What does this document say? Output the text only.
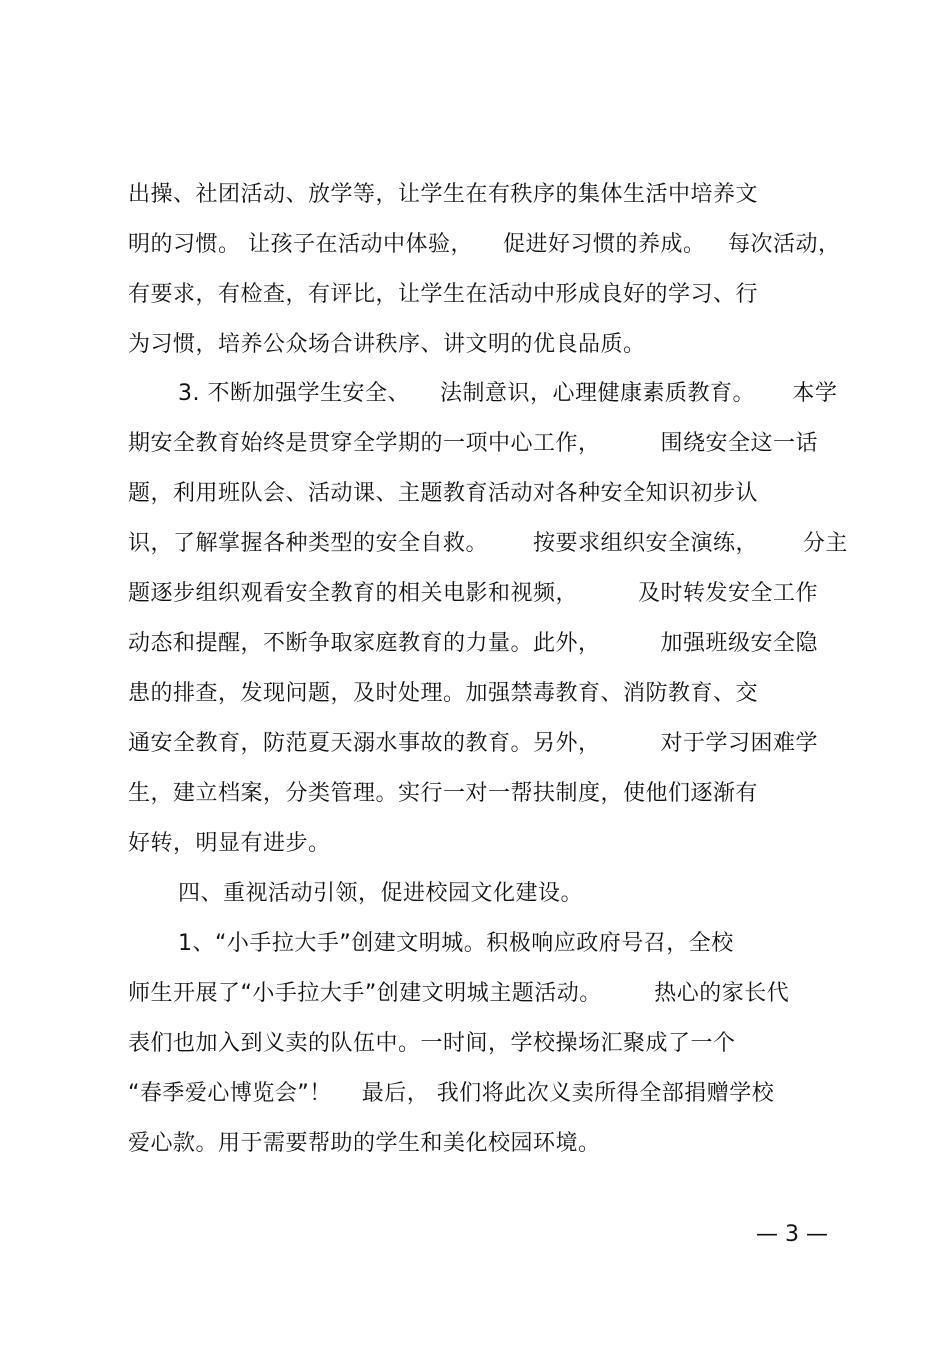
出操、社团活动、放学等，让学生在有秩序的集体生活中培养文
明的习惯。 让孩子在活动中体验，    促进好习惯的养成。   每次活动，
有要求，有检查，有评比，让学生在活动中形成良好的学习、行
为习惯，培养公众场合讲秩序、讲文明的优良品质。
3. 不断加强学生安全、    法制意识，心理健康素质教育。     本学
期安全教育始终是贯穿全学期的一项中心工作，        围绕安全这一话
题，利用班队会、活动课、主题教育活动对各种安全知识初步认
识，了解掌握各种类型的安全自救。      按要求组织安全演练，      分主
题逐步组织观看安全教育的相关电影和视频，        及时转发安全工作
动态和提醒，不断争取家庭教育的力量。此外，        加强班级安全隐
患的排查，发现问题，及时处理。加强禁毒教育、消防教育、交
通安全教育，防范夏天溺水事故的教育。另外，        对于学习困难学
生，建立档案，分类管理。实行一对一帮扶制度，使他们逐渐有
好转，明显有进步。
四、重视活动引领，促进校园文化建设。
1、“小手拉大手”创建文明城。积极响应政府号召，全校
师生开展了“小手拉大手”创建文明城主题活动。       热心的家长代
表们也加入到义卖的队伍中。一时间，学校操场汇聚成了一个
“春季爱心博览会”！    最后， 我们将此次义卖所得全部捐赠学校
爱心款。用于需要帮助的学生和美化校园环境。
— 3 —
